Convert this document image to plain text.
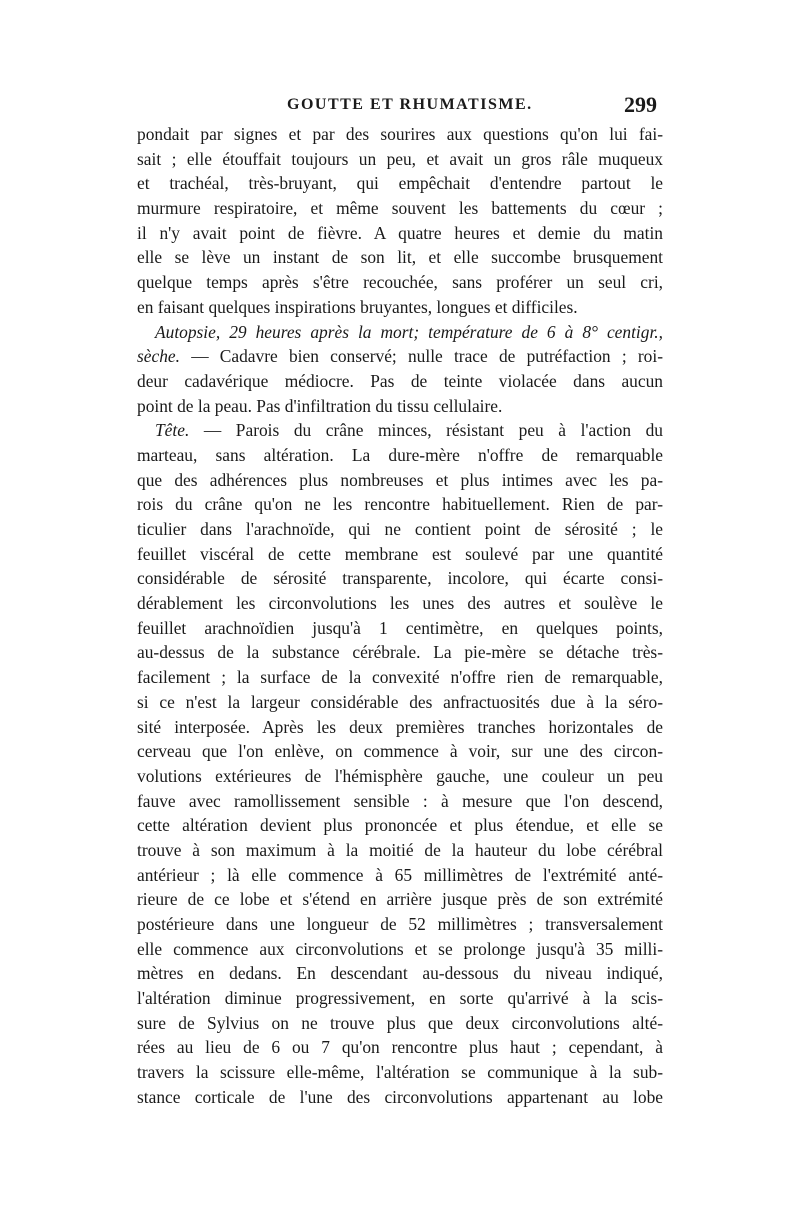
GOUTTE ET RHUMATISME.	299
pondait par signes et par des sourires aux questions qu'on lui fai-
sait ; elle étouffait toujours un peu, et avait un gros râle muqueux
et trachéal, très-bruyant, qui empêchait d'entendre partout le
murmure respiratoire, et même souvent les battements du cœur ;
il n'y avait point de fièvre. A quatre heures et demie du matin
elle se lève un instant de son lit, et elle succombe brusquement
quelque temps après s'être recouchée, sans proférer un seul cri,
en faisant quelques inspirations bruyantes, longues et difficiles.
Autopsie, 29 heures après la mort; température de 6 à 8° centigr.,
sèche. — Cadavre bien conservé; nulle trace de putréfaction ; roi-
deur cadavérique médiocre. Pas de teinte violacée dans aucun
point de la peau. Pas d'infiltration du tissu cellulaire.
Tête. — Parois du crâne minces, résistant peu à l'action du
marteau, sans altération. La dure-mère n'offre de remarquable
que des adhérences plus nombreuses et plus intimes avec les pa-
rois du crâne qu'on ne les rencontre habituellement. Rien de par-
ticulier dans l'arachnoïde, qui ne contient point de sérosité ; le
feuillet viscéral de cette membrane est soulevé par une quantité
considérable de sérosité transparente, incolore, qui écarte consi-
dérablement les circonvolutions les unes des autres et soulève le
feuillet arachnoïdien jusqu'à 1 centimètre, en quelques points,
au-dessus de la substance cérébrale. La pie-mère se détache très-
facilement ; la surface de la convexité n'offre rien de remarquable,
si ce n'est la largeur considérable des anfractuosités due à la séro-
sité interposée. Après les deux premières tranches horizontales de
cerveau que l'on enlève, on commence à voir, sur une des circon-
volutions extérieures de l'hémisphère gauche, une couleur un peu
fauve avec ramollissement sensible : à mesure que l'on descend,
cette altération devient plus prononcée et plus étendue, et elle se
trouve à son maximum à la moitié de la hauteur du lobe cérébral
antérieur ; là elle commence à 65 millimètres de l'extrémité anté-
rieure de ce lobe et s'étend en arrière jusque près de son extrémité
postérieure dans une longueur de 52 millimètres ; transversalement
elle commence aux circonvolutions et se prolonge jusqu'à 35 milli-
mètres en dedans. En descendant au-dessous du niveau indiqué,
l'altération diminue progressivement, en sorte qu'arrivé à la scis-
sure de Sylvius on ne trouve plus que deux circonvolutions alté-
rées au lieu de 6 ou 7 qu'on rencontre plus haut ; cependant, à
travers la scissure elle-même, l'altération se communique à la sub-
stance corticale de l'une des circonvolutions appartenant au lobe
